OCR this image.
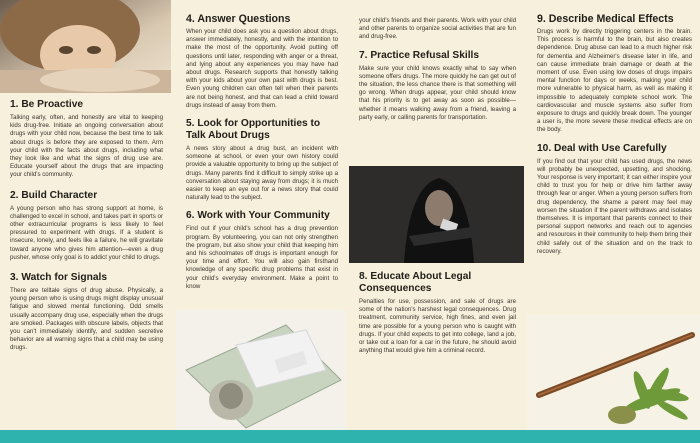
1. Be Proactive

Talking early, often, and honestly are vital to keeping kids drug-free. Initiate an ongoing conversation about drugs with your child now, because the best time to talk about drugs is before they are exposed to them. Arm your child with the facts about drugs, including what they look like and what the signs of drug use are. Educate yourself about the drugs that are impacting your child's community.

2. Build Character

A young person who has strong support at home, is challenged to excel in school, and takes part in sports or other extracurricular programs is less likely to feel pressured to experiment with drugs. If a student is insecure, lonely, and feels like a failure, he will gravitate toward anyone who gives him attention—even a drug pusher, whose only goal is to addict your child to drugs.

3. Watch for Signals

There are telltale signs of drug abuse. Physically, a young person who is using drugs might display unusual fatigue and slowed mental functioning. Odd smells usually accompany drug use, especially when the drugs are smoked. Packages with obscure labels, objects that you can't immediately identify, and sudden secretive behavior are all warning signs that a child may be using drugs.

4. Answer Questions

When your child does ask you a question about drugs, answer immediately, honestly, and with the intention to make the most of the opportunity. Avoid putting off questions until later, responding with anger or a threat, and lying about any experiences you may have had about drugs. Research supports that honestly talking with your kids about your own past with drugs is best. Even young children can often tell when their parents are not being honest, and that can lead a child toward drugs instead of away from them.

5. Look for Opportunities to Talk About Drugs

A news story about a drug bust, an incident with someone at school, or even your own history could provide a valuable opportunity to bring up the subject of drugs. Many parents find it difficult to simply strike up a conversation about staying away from drugs; it is much easier to keep an eye out for a news story that could naturally lead to the subject.

6. Work with Your Community

Find out if your child's school has a drug prevention program. By volunteering, you can not only strengthen the program, but also show your child that keeping him and his schoolmates off drugs is important enough for your time and effort. You will also gain firsthand knowledge of any specific drug problems that exist in your child's everyday environment. Make a point to know

your child's friends and their parents. Work with your child and other parents to organize social activities that are fun and drug-free.

7. Practice Refusal Skills

Make sure your child knows exactly what to say when someone offers drugs. The more quickly he can get out of the situation, the less chance there is that something will go wrong. When drugs appear, your child should know that his priority is to get away as soon as possible—whether it means walking away from a friend, leaving a party early, or calling parents for transportation.

8. Educate About Legal Consequences

Penalties for use, possession, and sale of drugs are some of the nation's harshest legal consequences. Drug treatment, community service, high fines, and even jail time are possible for a young person who is caught with drugs. If your child expects to get into college, land a job, or take out a loan for a car in the future, he should avoid anything that would give him a criminal record.

9. Describe Medical Effects

Drugs work by directly triggering centers in the brain. This process is harmful to the brain, but also creates dependence. Drug abuse can lead to a much higher risk for dementia and Alzheimer's disease later in life, and can cause immediate brain damage or death at the moment of use. Even using low doses of drugs impairs mental function for days or weeks, making your child more vulnerable to physical harm, as well as making it impossible to adequately complete school work. The cardiovascular and muscle systems also suffer from exposure to drugs and quickly break down. The younger a user is, the more severe these medical effects are on the body.

10. Deal with Use Carefully

If you find out that your child has used drugs, the news will probably be unexpected, upsetting, and shocking. Your response is very important; it can either inspire your child to trust you for help or drive him farther away through fear or anger. When a young person suffers from drug dependency, the shame a parent may feel may worsen the situation if the parent withdraws and isolates themselves. It is important that parents connect to their personal support networks and reach out to agencies and resources in their community to help them bring their child safely out of the situation and on the track to recovery.
